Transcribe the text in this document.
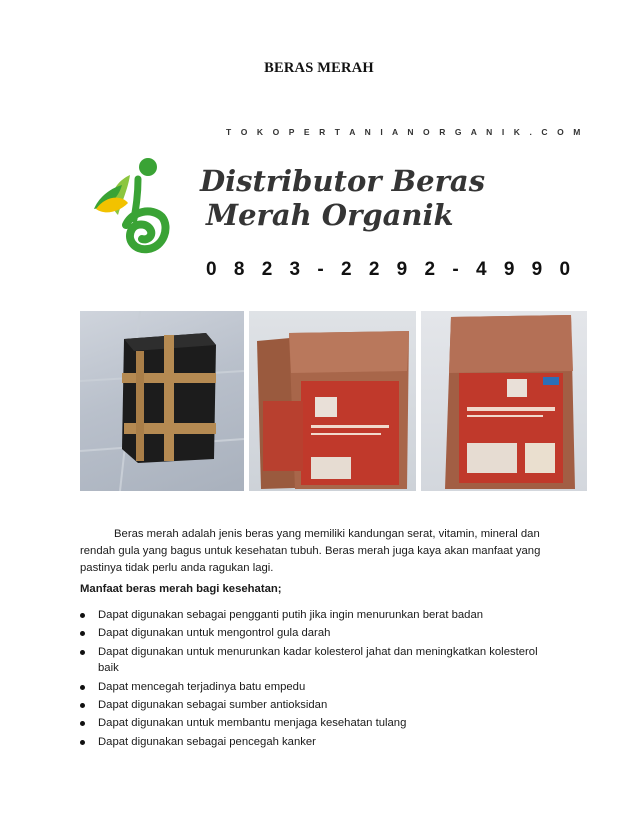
BERAS MERAH
T O K O P E R T A N I A N O R G A N I K . C O M
Distributor Beras
Merah Organik
0 8 2 3 - 2 2 9 2 - 4 9 9 0
Beras merah adalah jenis beras yang memiliki kandungan serat, vitamin, mineral dan rendah gula yang bagus untuk kesehatan tubuh. Beras merah juga kaya akan manfaat yang pastinya tidak perlu anda ragukan lagi.
Manfaat beras merah bagi kesehatan;
Dapat digunakan sebagai pengganti putih jika ingin menurunkan berat badan
Dapat digunakan untuk mengontrol gula darah
Dapat digunakan untuk menurunkan kadar kolesterol jahat dan meningkatkan kolesterol baik
Dapat mencegah terjadinya batu empedu
Dapat digunakan sebagai sumber antioksidan
Dapat digunakan untuk membantu menjaga kesehatan tulang
Dapat digunakan sebagai pencegah kanker
